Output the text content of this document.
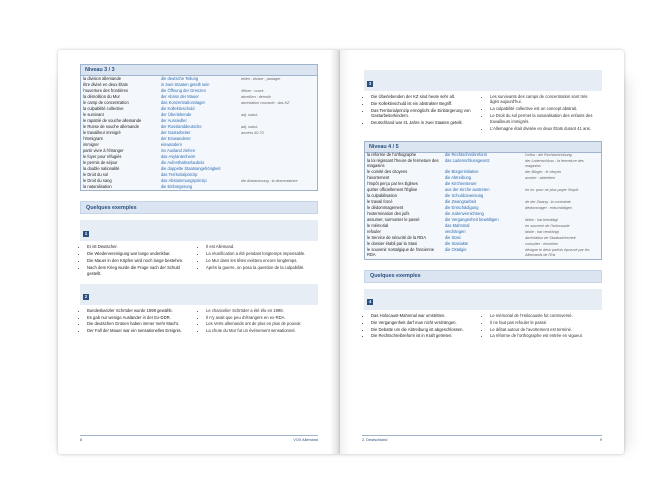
Niveau 3 / 3
la division allemande	die deutsche Teilung	teilen : diviser ; partager
être divisé en deux États	in zwei Staaten geteilt sein	
l'ouverture des frontières	die Öffnung der Grenzen	öffnen : ouvrir
la démolition du Mur	der Abriss der Mauer	abreißen : démolir
le camp de concentration	das Konzentrationslager	abréviation courante : das KZ
la culpabilité collective	die Kollektivschuld	
le survivant	der Überlebende	adj. subst.
le rapatrié de souche allemande	der Aussiedler	
le Russe de souche allemande	der Russlanddeutsche	adj. subst.
le travailleur immigré	der Gastarbeiter	années 60-70
l'immigrant	der Einwanderer	
immigrer	einwandern	
partir vivre à l'étranger	ins Ausland ziehen	
le foyer pour réfugiés	das Asylantenheim	
le permis de séjour	die Aufenthaltserlaubnis	
la double nationalité	die doppelte Staatsangehörigkeit	
le Droit du sol	das Territorialprinzip	
le Droit du sang	das Abstammungsprinzip	die Abstammung : la descendance
la naturalisation	die Einbürgerung	
Quelques exemples
1
• Er ist Deutscher.
• Die Wiedervereinigung war lange undenkbar.
• Die Mauer in den Köpfen wird noch lange bestehen.
• Nach dem Krieg wurde die Frage nach der Schuld gestellt.
• Il est Allemand.
• La réunification a été pendant longtemps impensable.
• Le Mur dans les têtes existera encore longtemps.
• Après la guerre, on posa la question de la culpabilité.
2
• Bundeskanzler Schröder wurde 1998 gewählt.
• Es gab nur wenige Ausländer in der Ex-DDR.
• Die deutschen Grünen haben immer mehr Macht.
• Der Fall der Mauer war ein sensationelles Ereignis.
• Le chancelier Schröder a été élu en 1998.
• Il n'y avait que peu d'étrangers en ex-RDA.
• Les Verts allemands ont de plus en plus de pouvoir.
• La chute du Mur fut un événement sensationnel.
8	VOX Allemand
3
• Die Überlebenden der KZ sind heute sehr alt.
• Die Kollektivschuld ist ein abstrakter Begriff.
• Das Territorialprinzip ermöglicht die Einbürgerung von Gastarbeiterkindern.
• Deutschland war 41 Jahre in zwei Staaten geteilt.
• Les survivants des camps de concentration sont très âgés aujourd'hui.
• La culpabilité collective est un concept abstrait.
• Le Droit du sol permet la naturalisation des enfants des travailleurs immigrés.
• L'Allemagne était divisée en deux États durant 41 ans.
Niveau 4 / 5
la réforme de l'orthographe	die Rechtschreibreform	l'ortho : die Rechtschreibung
la loi régissant l'heure de fermeture des magasins	das Ladenschlussgesetz	der Ladenschluss : la fermeture des magasins
le comité des citoyens	die Bürgerinitiative	der Bürger : le citoyen
l'avortement	die Abtreibung	avorter : abtreiben
l'impôt perçu par les Églises	die Kirchensteuer	
quitter officiellement l'Église	aus der Kirche austreten	en ex. pour ne plus payer l'impôt
la culpabilisation	die Schuldzuweisung	
le travail forcé	die Zwangsarbeit	de der Zwang : la contrainte
le dédommagement	die Entschädigung	dédommager : entschädigen
l'extermination des juifs	die Judenvernichtung	
assumer, surmonter le passé	die Vergangenheit bewältigen	faible : hat bewältigt
le mémorial	das Mahnmal	en souvenir de l'holocauste
refouler	verdrängen	faible : hat verdrängt
le Service de sécurité de la RDA	die Stasi	abréviation de Staatssicherheit
le dossier établi par la Stasi	die Stasiakte	consulter : einsehen
le souvenir nostalgique de l'ancienne RDA	die Ostalgie	désigne le désir parfois éprouvé par les Allemands de l'Est
Quelques exemples
4
• Das Holocaust-Mahnmal war umstritten.
• Die Vergangenheit darf man nicht verdrängen.
• Die Debatte um die Abtreibung ist abgeschlossen.
• Die Rechtschreibreform ist in Kraft getreten.
• Le mémorial de l'Holocauste fut controversé.
• Il ne faut pas refouler le passé.
• Le débat autour de l'avortement est terminé.
• La réforme de l'orthographe est entrée en vigueur.
2. Deutschland	9
